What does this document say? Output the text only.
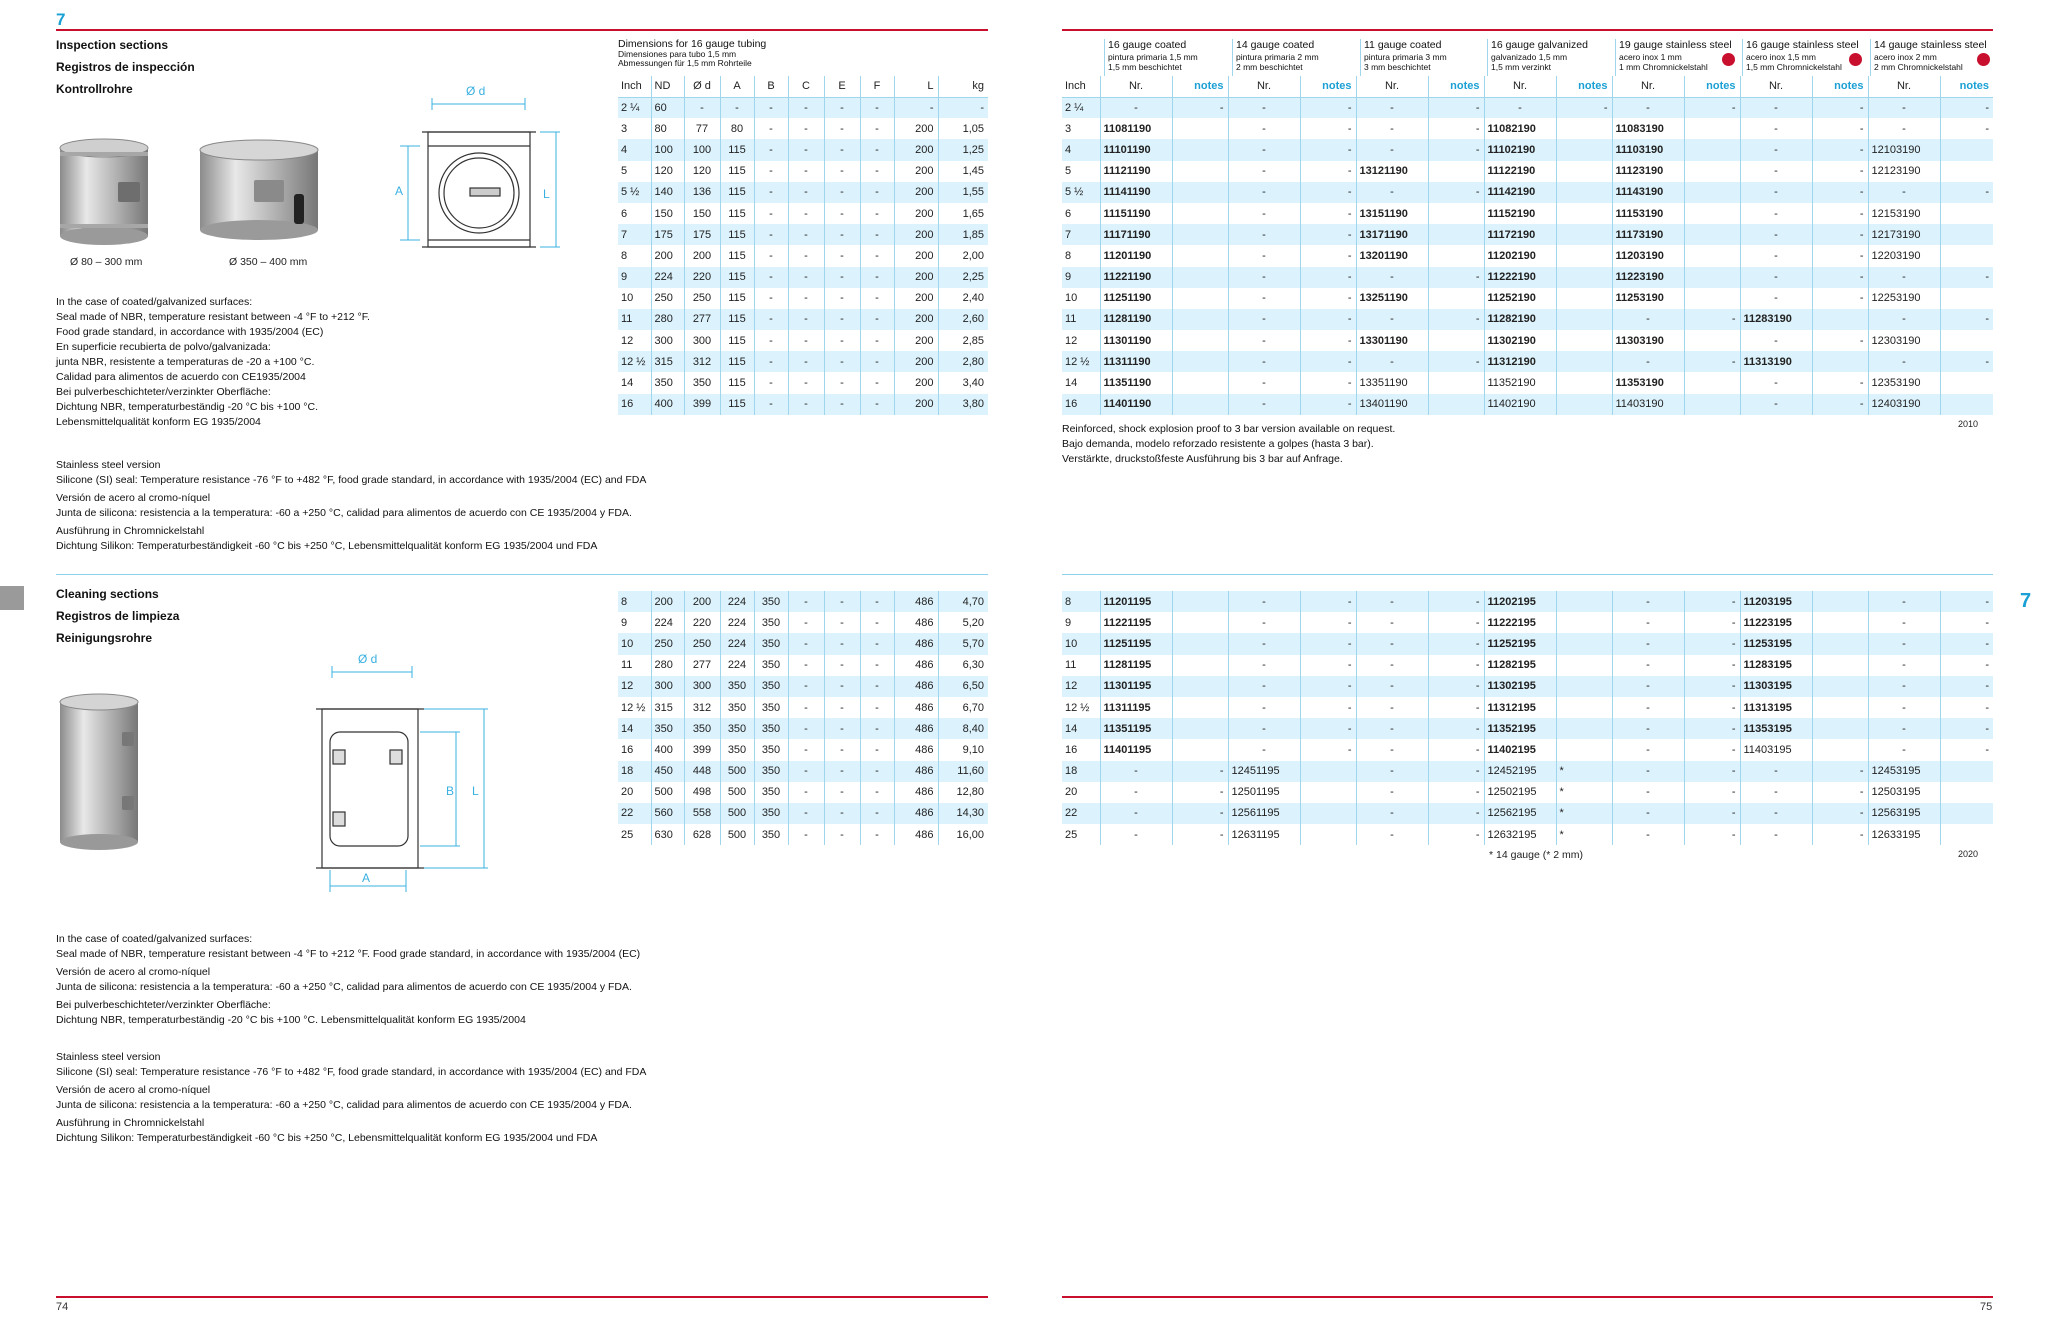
7
Inspection sections
Registros de inspección
Kontrollrohre
Ø 80 – 300 mm	Ø 350 – 400 mm
Ø d
A	L
In the case of coated/galvanized surfaces:
Seal made of NBR, temperature resistant between -4 °F to +212 °F.
Food grade standard, in accordance with 1935/2004 (EC)
En superficie recubierta de polvo/galvanizada:
junta NBR, resistente a temperaturas de -20 a +100 °C.
Calidad para alimentos de acuerdo con CE1935/2004
Bei pulverbeschichteter/verzinkter Oberfläche:
Dichtung NBR, temperaturbeständig -20 °C bis +100 °C.
Lebensmittelqualität konform EG 1935/2004
Stainless steel version
Silicone (SI) seal: Temperature resistance -76 °F to +482 °F, food grade standard, in accordance with 1935/2004 (EC) and FDA
Versión de acero al cromo-níquel
Junta de silicona: resistencia a la temperatura: -60 a +250 °C, calidad para alimentos de acuerdo con CE 1935/2004 y FDA.
Ausführung in Chromnickelstahl
Dichtung Silikon: Temperaturbeständigkeit -60 °C bis +250 °C, Lebensmittelqualität konform EG 1935/2004 und FDA
Dimensions for 16 gauge tubing
Dimensiones para tubo 1,5 mm
Abmessungen für 1,5 mm Rohrteile
Inch	ND	Ø d	A	B	C	E	F	L	kg
2 ¼	60	-	-	-	-	-	-	-	-
3	80	77	80	-	-	-	-	200	1,05
4	100	100	115	-	-	-	-	200	1,25
5	120	120	115	-	-	-	-	200	1,45
5 ½	140	136	115	-	-	-	-	200	1,55
6	150	150	115	-	-	-	-	200	1,65
7	175	175	115	-	-	-	-	200	1,85
8	200	200	115	-	-	-	-	200	2,00
9	224	220	115	-	-	-	-	200	2,25
10	250	250	115	-	-	-	-	200	2,40
11	280	277	115	-	-	-	-	200	2,60
12	300	300	115	-	-	-	-	200	2,85
12 ½	315	312	115	-	-	-	-	200	2,80
14	350	350	115	-	-	-	-	200	3,40
16	400	399	115	-	-	-	-	200	3,80
Cleaning sections
Registros de limpieza
Reinigungsrohre
Ø d
B L
A
8	200	200	224	350	-	-	-	486	4,70
9	224	220	224	350	-	-	-	486	5,20
10	250	250	224	350	-	-	-	486	5,70
11	280	277	224	350	-	-	-	486	6,30
12	300	300	350	350	-	-	-	486	6,50
12 ½	315	312	350	350	-	-	-	486	6,70
14	350	350	350	350	-	-	-	486	8,40
16	400	399	350	350	-	-	-	486	9,10
18	450	448	500	350	-	-	-	486	11,60
20	500	498	500	350	-	-	-	486	12,80
22	560	558	500	350	-	-	-	486	14,30
25	630	628	500	350	-	-	-	486	16,00
In the case of coated/galvanized surfaces:
Seal made of NBR, temperature resistant between -4 °F to +212 °F. Food grade standard, in accordance with 1935/2004 (EC)
Versión de acero al cromo-níquel
Junta de silicona: resistencia a la temperatura: -60 a +250 °C, calidad para alimentos de acuerdo con CE 1935/2004 y FDA.
Bei pulverbeschichteter/verzinkter Oberfläche:
Dichtung NBR, temperaturbeständig -20 °C bis +100 °C. Lebensmittelqualität konform EG 1935/2004
Stainless steel version
Silicone (SI) seal: Temperature resistance -76 °F to +482 °F, food grade standard, in accordance with 1935/2004 (EC) and FDA
Versión de acero al cromo-níquel
Junta de silicona: resistencia a la temperatura: -60 a +250 °C, calidad para alimentos de acuerdo con CE 1935/2004 y FDA.
Ausführung in Chromnickelstahl
Dichtung Silikon: Temperaturbeständigkeit -60 °C bis +250 °C, Lebensmittelqualität konform EG 1935/2004 und FDA
74
16 gauge coated
pintura primaria 1,5 mm
1,5 mm beschichtet
14 gauge coated
pintura primaria 2 mm
2 mm beschichtet
11 gauge coated
pintura primaria 3 mm
3 mm beschichtet
16 gauge galvanized
galvanizado 1,5 mm
1,5 mm verzinkt
19 gauge stainless steel
acero inox 1 mm
1 mm Chromnickelstahl
16 gauge stainless steel
acero inox 1,5 mm
1,5 mm Chromnickelstahl
14 gauge stainless steel
acero inox 2 mm
2 mm Chromnickelstahl
Inch	Nr.	notes	Nr.	notes	Nr.	notes	Nr.	notes	Nr.	notes	Nr.	notes	Nr.	notes
2 ¼	-	-	-	-	-	-	-	-	-	-	-	-	-	-
3	11081190		-	-	-	-	11082190		11083190		-	-	-	-
4	11101190		-	-	-	-	11102190		11103190		-	-	12103190	
5	11121190		-	-	13121190		11122190		11123190		-	-	12123190	
5 ½	11141190		-	-	-	-	11142190		11143190		-	-	-	-
6	11151190		-	-	13151190		11152190		11153190		-	-	12153190	
7	11171190		-	-	13171190		11172190		11173190		-	-	12173190	
8	11201190		-	-	13201190		11202190		11203190		-	-	12203190	
9	11221190		-	-	-	-	11222190		11223190		-	-	-	-
10	11251190		-	-	13251190		11252190		11253190		-	-	12253190	
11	11281190		-	-	-	-	11282190		-	-	11283190		-	-
12	11301190		-	-	13301190		11302190		11303190		-	-	12303190	
12 ½	11311190		-	-	-	-	11312190		-	-	11313190		-	-
14	11351190		-	-	13351190		11352190		11353190		-	-	12353190	
16	11401190		-	-	13401190		11402190		11403190		-	-	12403190	
Reinforced, shock explosion proof to 3 bar version available on request.
Bajo demanda, modelo reforzado resistente a golpes (hasta 3 bar).
Verstärkte, druckstoßfeste Ausführung bis 3 bar auf Anfrage.
2010
7
8	11201195		-	-	-	-	11202195		-	-	11203195		-	-
9	11221195		-	-	-	-	11222195		-	-	11223195		-	-
10	11251195		-	-	-	-	11252195		-	-	11253195		-	-
11	11281195		-	-	-	-	11282195		-	-	11283195		-	-
12	11301195		-	-	-	-	11302195		-	-	11303195		-	-
12 ½	11311195		-	-	-	-	11312195		-	-	11313195		-	-
14	11351195		-	-	-	-	11352195		-	-	11353195		-	-
16	11401195		-	-	-	-	11402195		-	-	11403195		-	-
18	-	-	12451195		-	-	12452195	*	-	-	-	-	12453195	
20	-	-	12501195		-	-	12502195	*	-	-	-	-	12503195	
22	-	-	12561195		-	-	12562195	*	-	-	-	-	12563195	
25	-	-	12631195		-	-	12632195	*	-	-	-	-	12633195	
* 14 gauge (* 2 mm)	2020
75
